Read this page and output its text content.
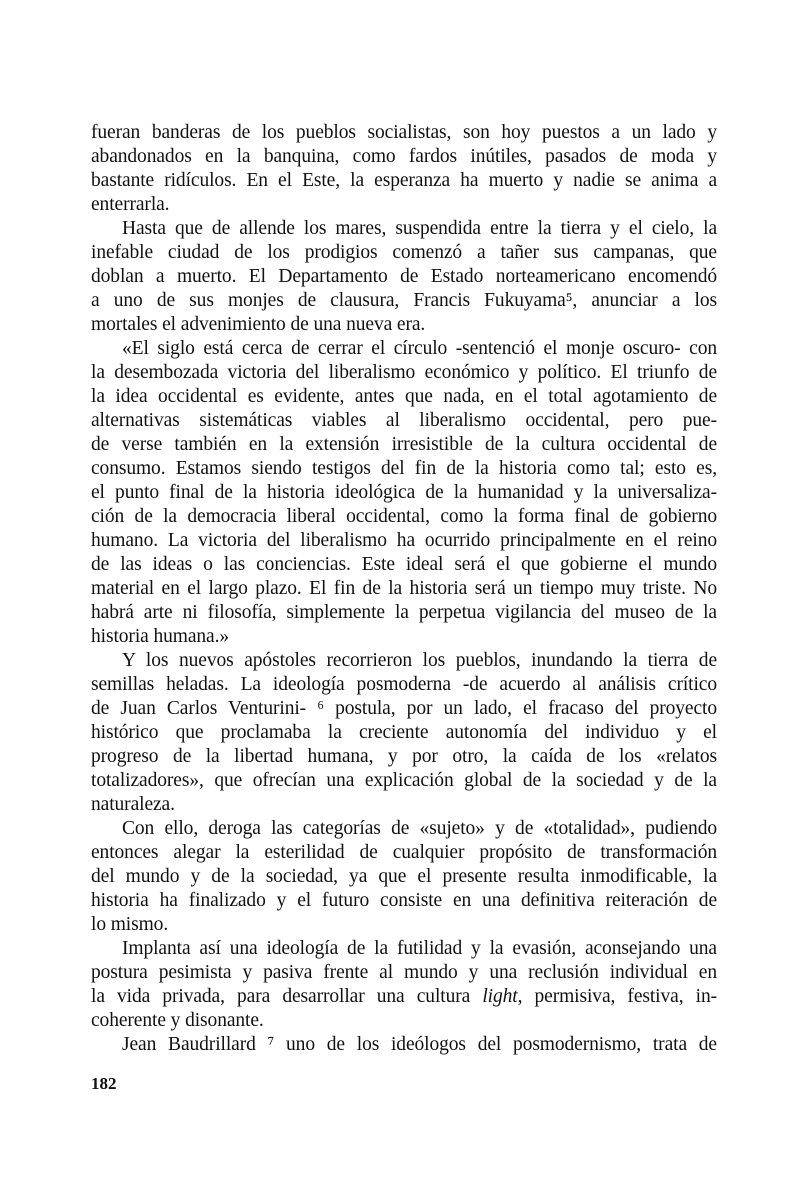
fueran banderas de los pueblos socialistas, son hoy puestos a un lado y
abandonados en la banquina, como fardos inútiles, pasados de moda y
bastante ridículos. En el Este, la esperanza ha muerto y nadie se anima a
enterrarla.
Hasta que de allende los mares, suspendida entre la tierra y el cielo, la
inefable ciudad de los prodigios comenzó a tañer sus campanas, que
doblan a muerto. El Departamento de Estado norteamericano encomendó
a uno de sus monjes de clausura, Francis Fukuyama⁵, anunciar a los
mortales el advenimiento de una nueva era.
«El siglo está cerca de cerrar el círculo -sentenció el monje oscuro- con
la desembozada victoria del liberalismo económico y político. El triunfo de
la idea occidental es evidente, antes que nada, en el total agotamiento de
alternativas sistemáticas viables al liberalismo occidental, pero pue-
de verse también en la extensión irresistible de la cultura occidental de
consumo. Estamos siendo testigos del fin de la historia como tal; esto es,
el punto final de la historia ideológica de la humanidad y la universaliza-
ción de la democracia liberal occidental, como la forma final de gobierno
humano. La victoria del liberalismo ha ocurrido principalmente en el reino
de las ideas o las conciencias. Este ideal será el que gobierne el mundo
material en el largo plazo. El fin de la historia será un tiempo muy triste. No
habrá arte ni filosofía, simplemente la perpetua vigilancia del museo de la
historia humana.»
Y los nuevos apóstoles recorrieron los pueblos, inundando la tierra de
semillas heladas. La ideología posmoderna -de acuerdo al análisis crítico
de Juan Carlos Venturini- ⁶ postula, por un lado, el fracaso del proyecto
histórico que proclamaba la creciente autonomía del individuo y el
progreso de la libertad humana, y por otro, la caída de los «relatos
totalizadores», que ofrecían una explicación global de la sociedad y de la
naturaleza.
Con ello, deroga las categorías de «sujeto» y de «totalidad», pudiendo
entonces alegar la esterilidad de cualquier propósito de transformación
del mundo y de la sociedad, ya que el presente resulta inmodificable, la
historia ha finalizado y el futuro consiste en una definitiva reiteración de
lo mismo.
Implanta así una ideología de la futilidad y la evasión, aconsejando una
postura pesimista y pasiva frente al mundo y una reclusión individual en
la vida privada, para desarrollar una cultura light, permisiva, festiva, in-
coherente y disonante.
Jean Baudrillard ⁷ uno de los ideólogos del posmodernismo, trata de
182
